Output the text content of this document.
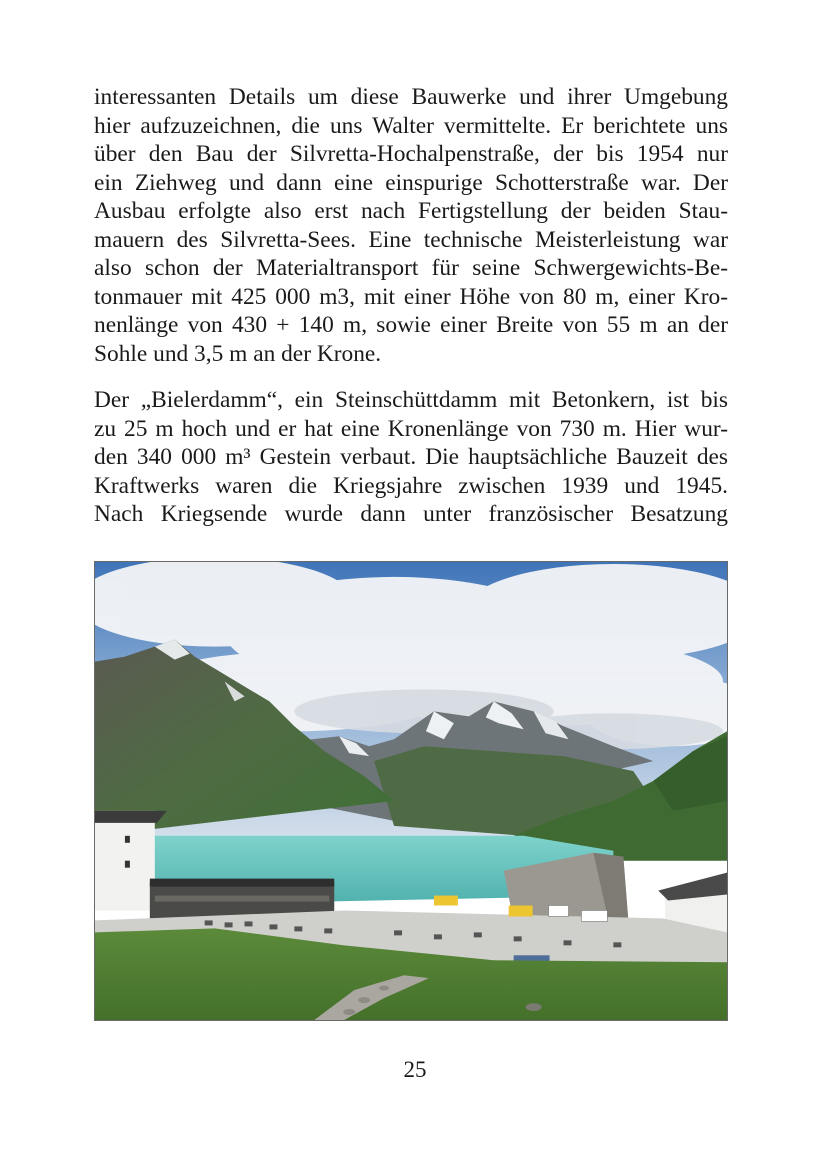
interessanten Details um diese Bauwerke und ihrer Umgebung
hier aufzuzeichnen, die uns Walter vermittelte. Er berichtete uns
über den Bau der Silvretta-Hochalpenstraße, der bis 1954 nur
ein Ziehweg und dann eine einspurige Schotterstraße war. Der
Ausbau erfolgte also erst nach Fertigstellung der beiden Stau-
mauern des Silvretta-Sees. Eine technische Meisterleistung war
also schon der Materialtransport für seine Schwergewichts-Be-
tonmauer mit 425 000 m3, mit einer Höhe von 80 m, einer Kro-
nenlänge von 430 + 140 m, sowie einer Breite von 55 m an der
Sohle und 3,5 m an der Krone.
Der „Bielerdamm“, ein Steinschüttdamm mit Betonkern, ist bis
zu 25 m hoch und er hat eine Kronenlänge von 730 m. Hier wur-
den 340 000 m³ Gestein verbaut. Die hauptsächliche Bauzeit des
Kraftwerks waren die Kriegsjahre zwischen 1939 und 1945.
Nach Kriegsende wurde dann unter französischer Besatzung
25
